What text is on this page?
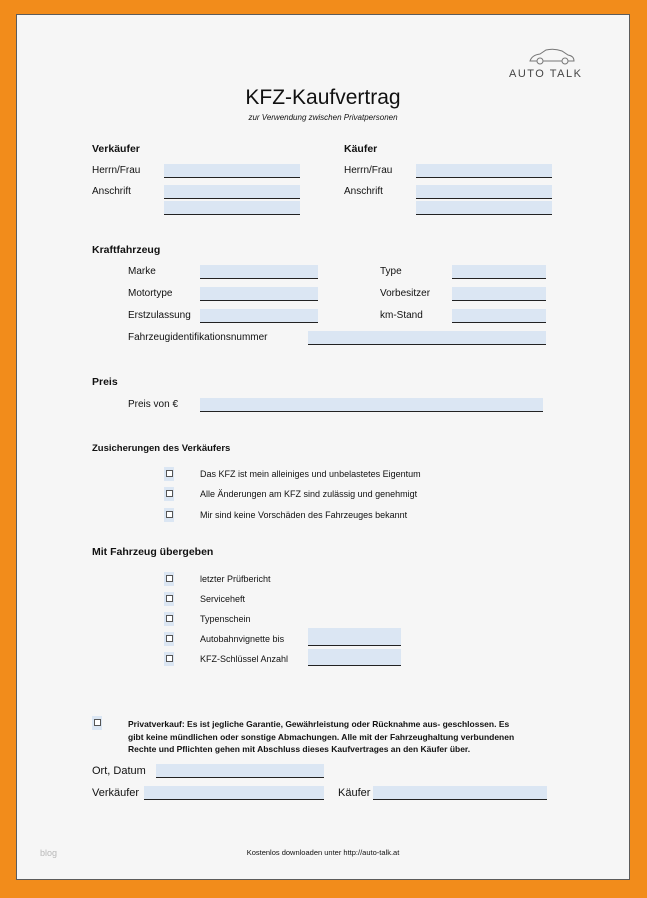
AUTO TALK
KFZ-Kaufvertrag
zur Verwendung zwischen Privatpersonen
Verkäufer
Herrn/Frau
Anschrift
Käufer
Herrn/Frau
Anschrift
Kraftfahrzeug
Marke	Type
Motortype	Vorbesitzer
Erstzulassung	km-Stand
Fahrzeugidentifikationsnummer
Preis
Preis von €
Zusicherungen des Verkäufers
Das KFZ ist mein alleiniges und unbelastetes Eigentum
Alle Änderungen am KFZ sind zulässig und genehmigt
Mir sind keine Vorschäden des Fahrzeuges bekannt
Mit Fahrzeug übergeben
letzter Prüfbericht
Serviceheft
Typenschein
Autobahnvignette bis
KFZ-Schlüssel Anzahl
Privatverkauf: Es ist jegliche Garantie, Gewährleistung oder Rücknahme aus- geschlossen. Es
gibt keine mündlichen oder sonstige Abmachungen. Alle mit der Fahrzeughaltung verbundenen
Rechte und Pflichten gehen mit Abschluss dieses Kaufvertrages an den Käufer über.
Ort, Datum
Verkäufer	Käufer
blog	Kostenlos downloaden unter http://auto-talk.at
